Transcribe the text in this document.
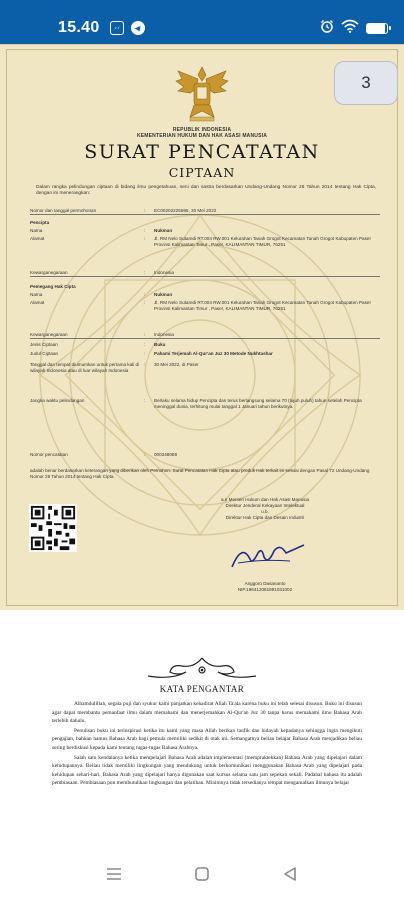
15.40
3
REPUBLIK INDONESIA
KEMENTERIAN HUKUM DAN HAK ASASI MANUSIA
SURAT PENCATATAN
CIPTAAN
Dalam rangka pelindungan ciptaan di bidang ilmu pengetahuan, seni dan sastra berdasarkan Undang-Undang Nomor 28 Tahun 2014 tentang Hak Cipta, dengan ini menerangkan:
Nomor dan tanggal permohonan	:	EC00202225595, 30 Mei 2022
Pencipta
Nama	:	Nukman
Alamat	:	Jl. RM Nelo Sutaredi RT.004 RW.001 Kelurahan Tanah Grogot Kecamatan Tanah Grogot Kabupaten Paser Provinsi Kalimantan Timur , Paser, KALIMANTAN TIMUR, 76251
Kewarganegaraan	:	Indonesia
Pemegang Hak Cipta
Nama	:	Nukman
Alamat	:	Jl. RM Nelo Sutaredi RT.004 RW.001 Kelurahan Tanah Grogot Kecamatan Tanah Grogot Kabupaten Paser Provinsi Kalimantan Timur , Paser, KALIMANTAN TIMUR, 76251
Kewarganegaraan	:	Indonesia
Jenis Ciptaan	:	Buku
Judul Ciptaan	:	Pahami Terjemah Al-Qur'an Juz 30 Metode Nukhtashar
Tanggal dan tempat diumumkan untuk pertama kali di wilayah Indonesia atau di luar wilayah Indonesia
:	30 Mei 2022, di Paser
Jangka waktu pelindungan	:	Berlaku selama hidup Pencipta dan terus berlangsung selama 70 (tujuh puluh) tahun setelah Pencipta meninggal dunia, terhitung mulai tanggal 1 Januari tahun berikutnya.
Nomor pencatatan	:	000348088
adalah benar berdasarkan keterangan yang diberikan oleh Pemohon. Surat Pencatatan Hak Cipta atau produk Hak terkait ini sesuai dengan Pasal 72 Undang-Undang Nomor 28 Tahun 2014 tentang Hak Cipta.
a.n Menteri Hukum dan Hak Asasi Manusia
Direktur Jenderal Kekayaan Intelektual
u.b.
Direktur Hak Cipta dan Desain Industri
Anggoro Dasananto
NIP.196412081991031002
KATA PENGANTAR

Alhamdulillah, segala puji dan syukur kami panjatkan kehadirat Allah Ta'ala karena buku ini telah selesai disusun. Buku ini disusun agar dapat membantu pemanfaat ilmu dalam memahami dan menerjemahkan Al-Qur'an Juz 30 tanpa harus memahami ilmu Bahasa Arab terlebih dahulu.

Penulisan buku ini terinspirasi ketika itu kami yang masa Allah berikan taufik dan hidayah kepadanya sehingga ingin mengikuti pengajian, bahkan hamus Bahasa Arab bagi pemula memiliki sedikit di otak ini. Semangatnya beliau belajar Bahasa Arab menjadikan beliau sering berdiskusi kepada kami tentang tugas-tugas Bahasa Arabnya.

Salah satu kendalanya ketika mempelajari Bahasa Arab adalah implementasi (mempraktekkan) Bahasa Arab yang dipelajari dalam kehidupannya. Beliau tidak memiliki lingkungan yang mendukung untuk berkomunikasi menggunakan Bahasa Arab yang dipelajari pada kehidupan sehari-hari. Bahasa Arab yang dipelajari hanya digunakan saat kursus selama satu jam sepekan sekali. Padahal bahasa itu adalah pembiasaan. Pembiasaan pun membutuhkan lingkungan dan pelatihan. Minimnya tidak tersedianya tempat mengamalkan ilmunya belajar
